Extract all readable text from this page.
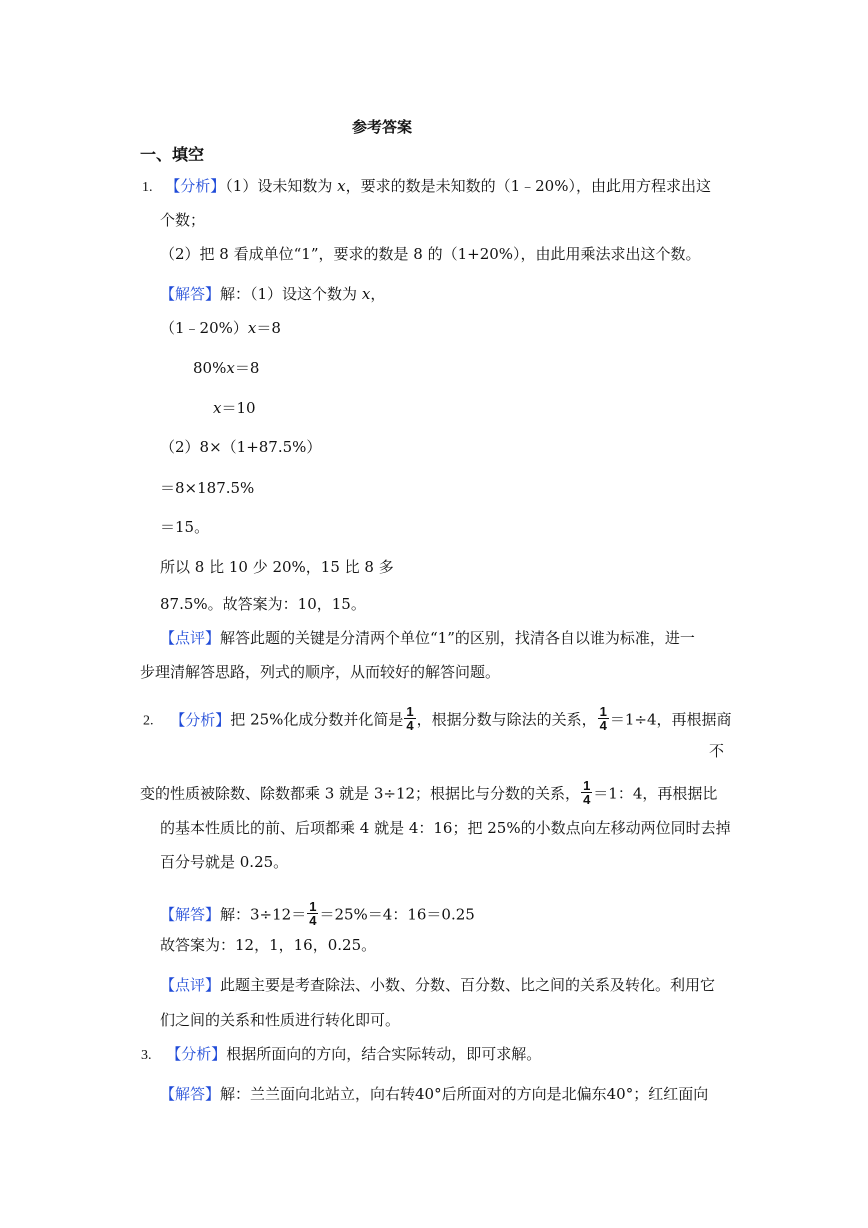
参考答案
一、填空
1. 【分析】（1）设未知数为 x，要求的数是未知数的（1﹣20%），由此用方程求出这
个数；
（2）把 8 看成单位“1”，要求的数是 8 的（1+20%），由此用乘法求出这个数。
【解答】解：（1）设这个数为 x，
（1﹣20%）x＝8
80%x＝8
x＝10
（2）8×（1+87.5%）
＝8×187.5%
＝15。
所以 8 比 10 少 20%，15 比 8 多
87.5%。故答案为：10，15。
【点评】解答此题的关键是分清两个单位“1”的区别，找清各自以谁为标准，进一
步理清解答思路，列式的顺序，从而较好的解答问题。
2. 【分析】把 25%化成分数并化简是 $\frac{1}{4}$ ，根据分数与除法的关系， $\frac{1}{4} =1\div 4$，再根据商
不
变的性质被除数、除数都乘 3 就是 3÷12；根据比与分数的关系， $\frac{1}{4} =1$：4，再根据比
的基本性质比的前、后项都乘 4 就是 4：16；把 25%的小数点向左移动两位同时去掉
百分号就是 0.25。
【解答】解：$3\div 12= \frac{1}{4} =25\%=4$：16＝0.25
故答案为：12，1，16，0.25。
【点评】此题主要是考查除法、小数、分数、百分数、比之间的关系及转化。利用它
们之间的关系和性质进行转化即可。
3. 【分析】根据所面向的方向，结合实际转动，即可求解。
【解答】解：兰兰面向北站立，向右转40°后所面对的方向是北偏东40°；红红面向
